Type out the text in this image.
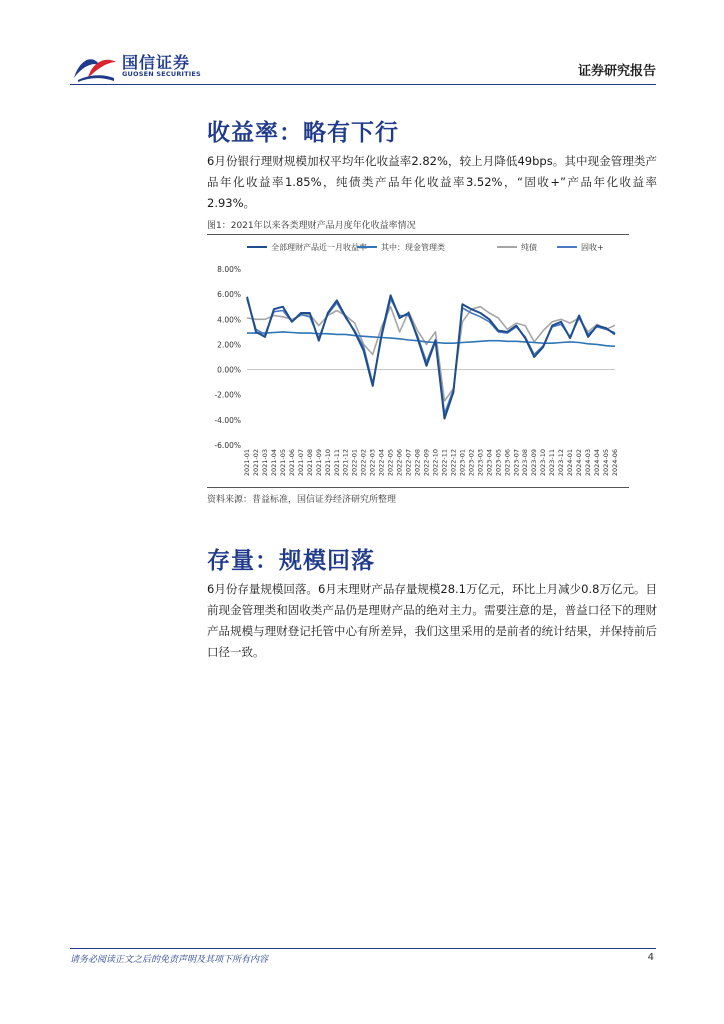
国信证券
GUOSEN SECURITIES	证券研究报告
收益率：略有下行
6月份银行理财规模加权平均年化收益率2.82%，较上月降低49bps。其中现金管理类产品年化收益率1.85%，纯债类产品年化收益率3.52%，“固收+”产品年化收益率2.93%。
图1：2021年以来各类理财产品月度年化收益率情况
全部理财产品近一月收益率 其中：现金管理类	纯债	固收+
8.00%
6.00%
4.00%
2.00%
0.00%
-2.00%
-4.00%
-6.00%
2021-01 2021-02 2021-03 2021-04 2021-05 2021-06 2021-07 2021-08 2021-09 2021-10 2021-11 2021-12 2022-01 2022-02 2022-03 2022-04 2022-05 2022-06 2022-07 2022-08 2022-09 2022-10 2022-11 2022-12 2023-01 2023-02 2023-03 2023-04 2023-05 2023-06 2023-07 2023-08 2023-09 2023-10 2023-11 2023-12 2024-01 2024-02 2024-03 2024-04 2024-05 2024-06
资料来源：普益标准，国信证券经济研究所整理
存量：规模回落
6月份存量规模回落。6月末理财产品存量规模28.1万亿元，环比上月减少0.8万亿元。目前现金管理类和固收类产品仍是理财产品的绝对主力。需要注意的是，普益口径下的理财产品规模与理财登记托管中心有所差异，我们这里采用的是前者的统计结果，并保持前后口径一致。
请务必阅读正文之后的免责声明及其项下所有内容	4
